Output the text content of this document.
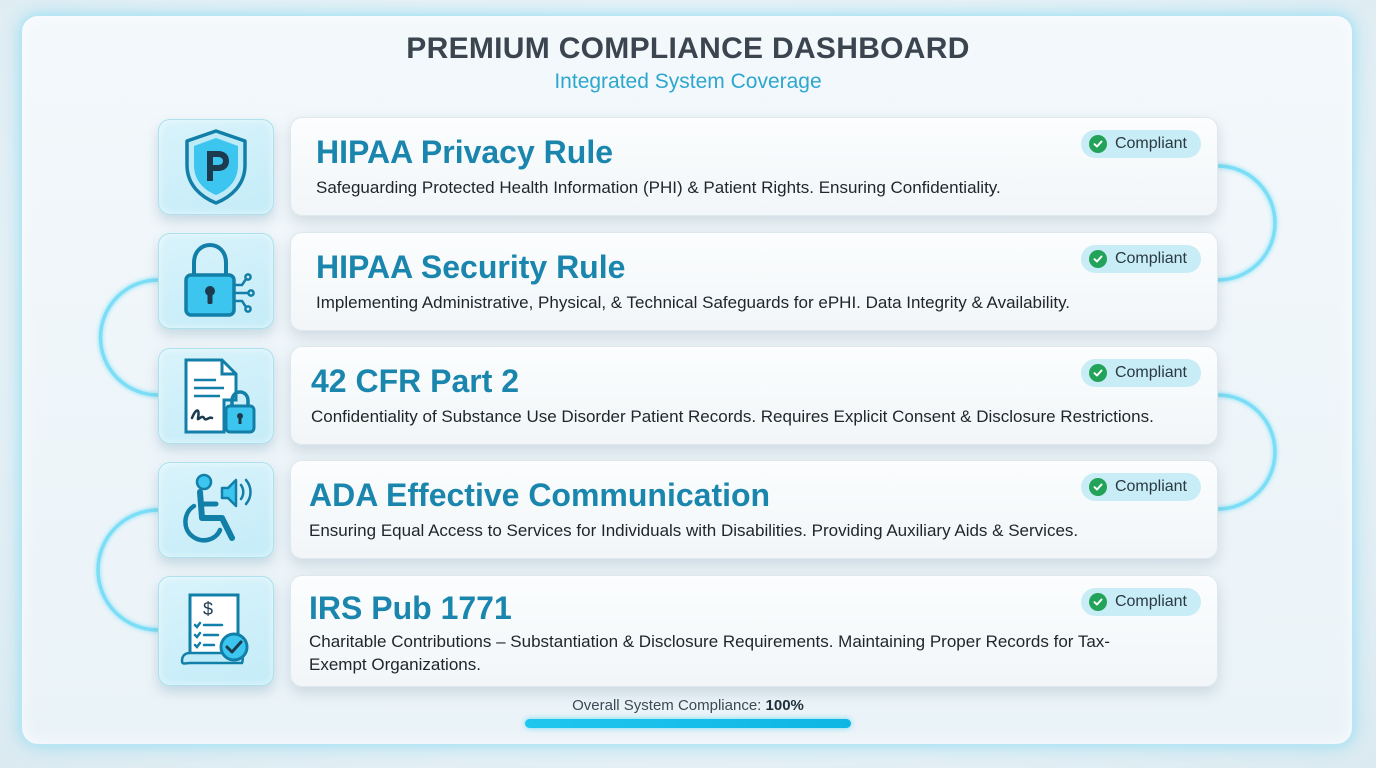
PREMIUM COMPLIANCE DASHBOARD
Integrated System Coverage
HIPAA Privacy Rule
Safeguarding Protected Health Information (PHI) & Patient Rights. Ensuring Confidentiality.
Compliant
HIPAA Security Rule
Implementing Administrative, Physical, & Technical Safeguards for ePHI. Data Integrity & Availability.
Compliant
42 CFR Part 2
Confidentiality of Substance Use Disorder Patient Records. Requires Explicit Consent & Disclosure Restrictions.
Compliant
ADA Effective Communication
Ensuring Equal Access to Services for Individuals with Disabilities. Providing Auxiliary Aids & Services.
Compliant
$	IRS Pub 1771
Charitable Contributions – Substantiation & Disclosure Requirements. Maintaining Proper Records for Tax-Exempt Organizations.
Compliant
Overall System Compliance: 100%
